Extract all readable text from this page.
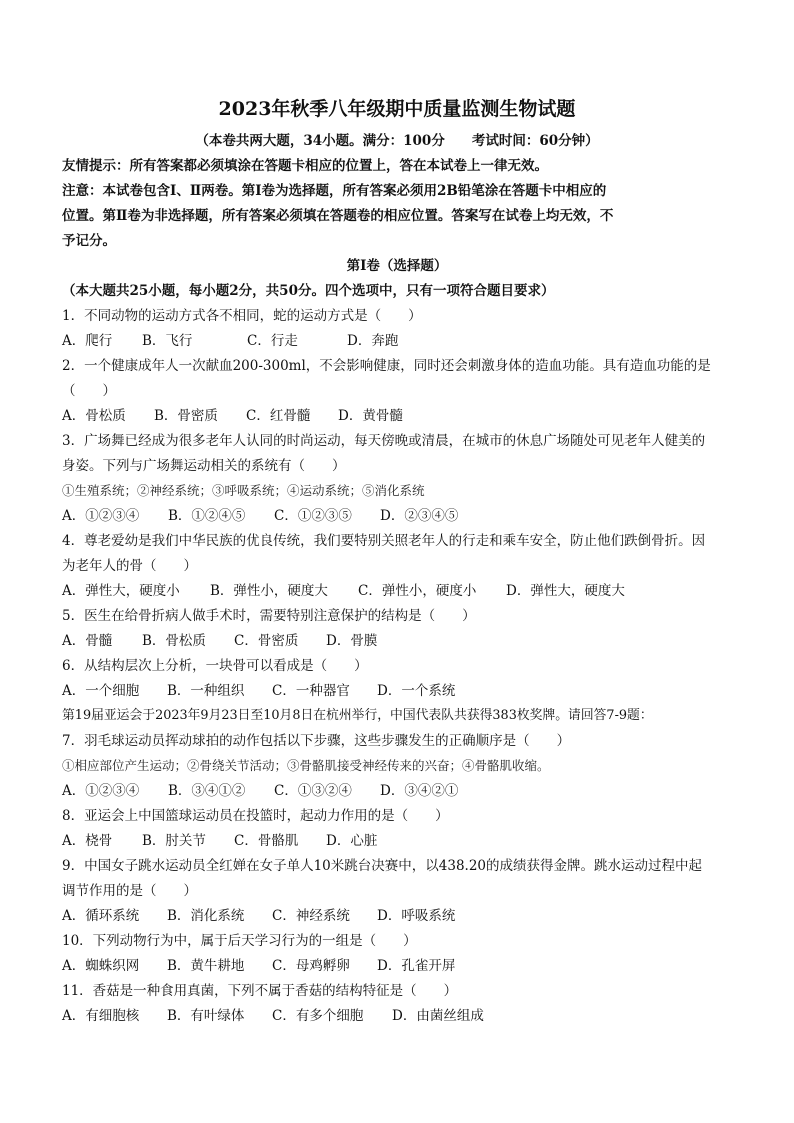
2023年秋季八年级期中质量监测生物试题
（本卷共两大题，34小题。满分：100分　　考试时间：60分钟）
友情提示：所有答案都必须填涂在答题卡相应的位置上，答在本试卷上一律无效。
注意：本试卷包含Ⅰ、Ⅱ两卷。第Ⅰ卷为选择题，所有答案必须用2B铅笔涂在答题卡中相应的
位置。第Ⅱ卷为非选择题，所有答案必须填在答题卷的相应位置。答案写在试卷上均无效，不
予记分。
第Ⅰ卷（选择题）
（本大题共25小题，每小题2分，共50分。四个选项中，只有一项符合题目要求）
1．不同动物的运动方式各不相同，蛇的运动方式是（　　）
A．爬行 B．飞行	C．行走	D．奔跑
2．一个健康成年人一次献血200-300ml，不会影响健康，同时还会刺激身体的造血功能。具有造血功能的是
（　　）
A．骨松质 B．骨密质 C．红骨髓 D．黄骨髓
3．广场舞已经成为很多老年人认同的时尚运动，每天傍晚或清晨，在城市的休息广场随处可见老年人健美的
身姿。下列与广场舞运动相关的系统有（　　）
①生殖系统；②神经系统；③呼吸系统；④运动系统；⑤消化系统
A．①②③④ B．①②④⑤ C．①②③⑤ D．②③④⑤
4．尊老爱幼是我们中华民族的优良传统，我们要特别关照老年人的行走和乘车安全，防止他们跌倒骨折。因
为老年人的骨（　　）
A．弹性大，硬度小 B．弹性小，硬度大 C．弹性小，硬度小 D．弹性大，硬度大
5．医生在给骨折病人做手术时，需要特别注意保护的结构是（　　）
A．骨髓 B．骨松质 C．骨密质 D．骨膜
6．从结构层次上分析，一块骨可以看成是（　　）
A．一个细胞 B．一种组织 C．一种器官 D．一个系统
第19届亚运会于2023年9月23日至10月8日在杭州举行，中国代表队共获得383枚奖牌。请回答7-9题：
7．羽毛球运动员挥动球拍的动作包括以下步骤，这些步骤发生的正确顺序是（　　）
①相应部位产生运动；②骨绕关节活动；③骨骼肌接受神经传来的兴奋；④骨骼肌收缩。
A．①②③④ B．③④①② C．①③②④ D．③④②①
8．亚运会上中国篮球运动员在投篮时，起动力作用的是（　　）
A．桡骨 B．肘关节 C．骨骼肌 D．心脏
9．中国女子跳水运动员全红婵在女子单人10米跳台决赛中，以438.20的成绩获得金牌。跳水运动过程中起
调节作用的是（　　）
A．循环系统 B．消化系统 C．神经系统 D．呼吸系统
10．下列动物行为中，属于后天学习行为的一组是（　　）
A．蜘蛛织网 B．黄牛耕地 C．母鸡孵卵 D．孔雀开屏
11．香菇是一种食用真菌，下列不属于香菇的结构特征是（　　）
A．有细胞核 B．有叶绿体 C．有多个细胞 D．由菌丝组成
